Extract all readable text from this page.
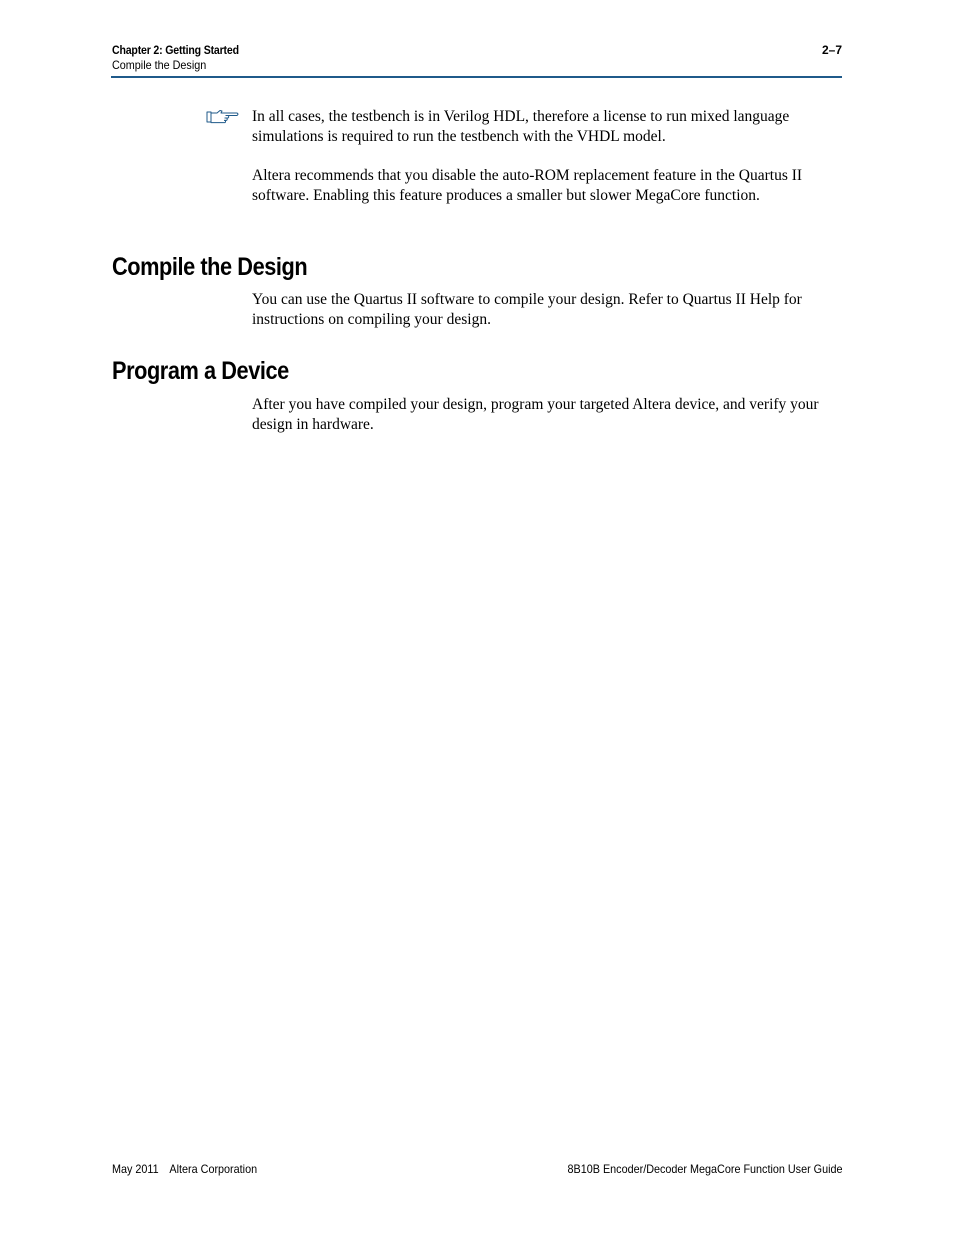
Chapter 2: Getting Started
Compile the Design
2–7

In all cases, the testbench is in Verilog HDL, therefore a license to run mixed language simulations is required to run the testbench with the VHDL model.

Altera recommends that you disable the auto-ROM replacement feature in the Quartus II software. Enabling this feature produces a smaller but slower MegaCore function.

Compile the Design

You can use the Quartus II software to compile your design. Refer to Quartus II Help for instructions on compiling your design.

Program a Device

After you have compiled your design, program your targeted Altera device, and verify your design in hardware.

May 2011 Altera Corporation	8B10B Encoder/Decoder MegaCore Function User Guide
